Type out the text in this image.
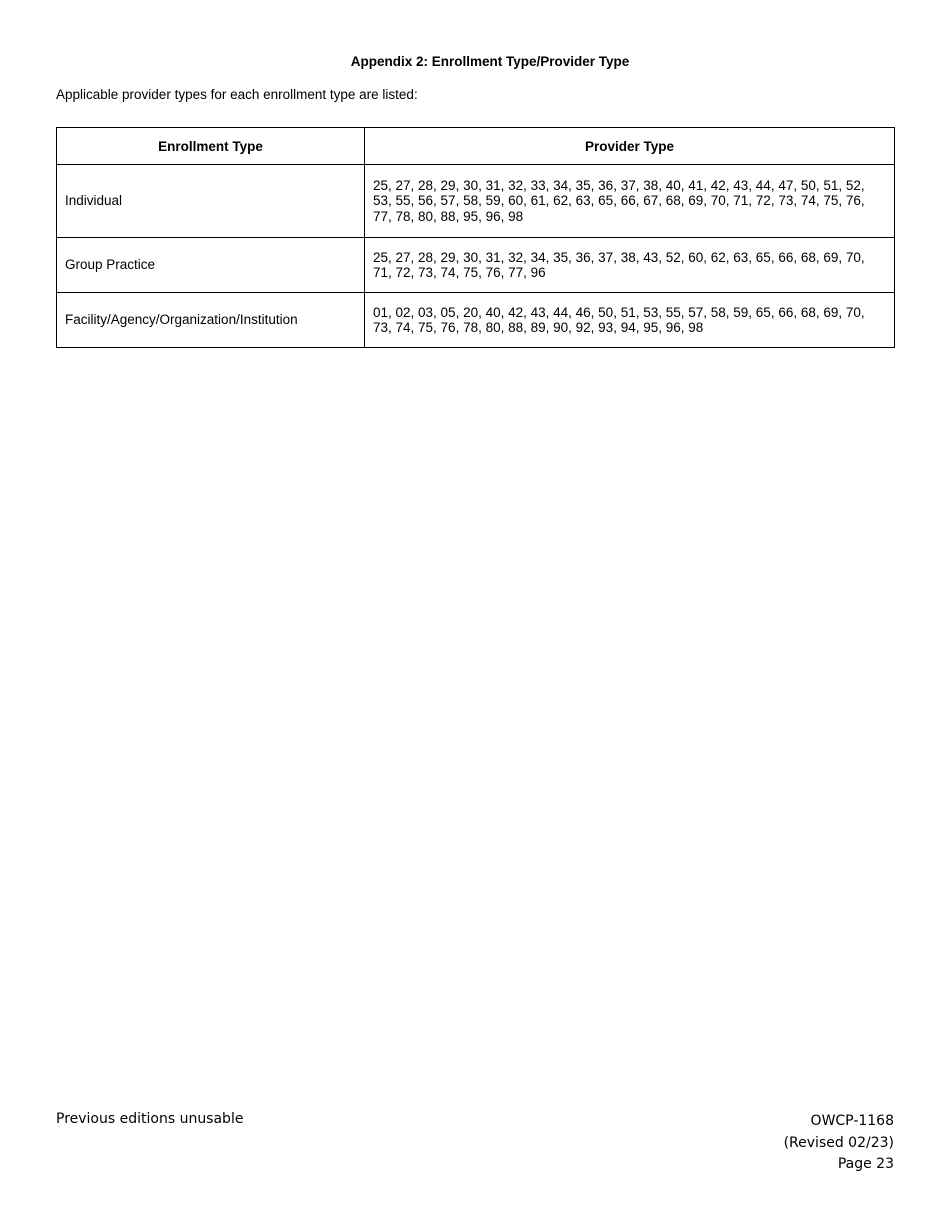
Appendix 2: Enrollment Type/Provider Type
Applicable provider types for each enrollment type are listed:
Enrollment Type	Provider Type
Individual	25, 27, 28, 29, 30, 31, 32, 33, 34, 35, 36, 37, 38, 40, 41, 42, 43, 44, 47, 50, 51, 52, 53, 55, 56, 57, 58, 59, 60, 61, 62, 63, 65, 66, 67, 68, 69, 70, 71, 72, 73, 74, 75, 76, 77, 78, 80, 88, 95, 96, 98
Group Practice	25, 27, 28, 29, 30, 31, 32, 34, 35, 36, 37, 38, 43, 52, 60, 62, 63, 65, 66, 68, 69, 70, 71, 72, 73, 74, 75, 76, 77, 96
Facility/Agency/Organization/Institution	01, 02, 03, 05, 20, 40, 42, 43, 44, 46, 50, 51, 53, 55, 57, 58, 59, 65, 66, 68, 69, 70, 73, 74, 75, 76, 78, 80, 88, 89, 90, 92, 93, 94, 95, 96, 98
Previous editions unusable	OWCP-1168
(Revised 02/23)
Page 23
